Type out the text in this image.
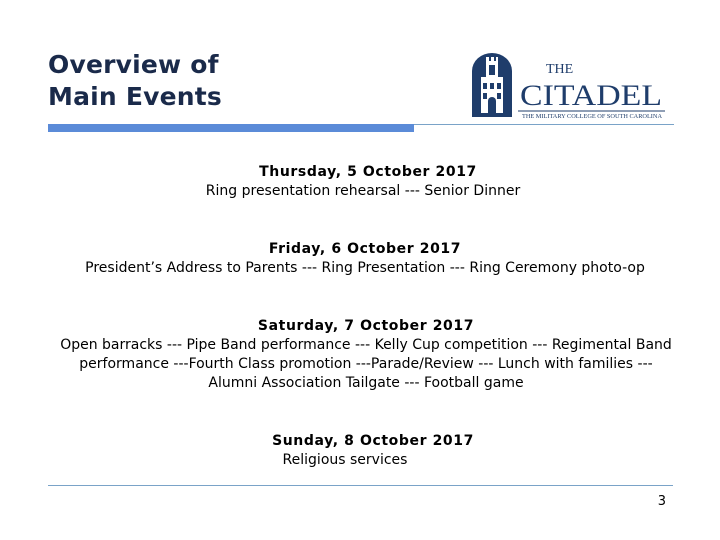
Overview of
Main Events
THE
CITADEL
THE MILITARY COLLEGE OF SOUTH CAROLINA
Thursday, 5 October 2017
Ring presentation rehearsal --- Senior Dinner
Friday, 6 October 2017
President’s Address to Parents --- Ring Presentation --- Ring Ceremony photo-op
Saturday, 7 October 2017
Open barracks --- Pipe Band performance --- Kelly Cup competition --- Regimental Band
performance ---Fourth Class promotion ---Parade/Review --- Lunch with families ---
Alumni Association Tailgate --- Football game
Sunday, 8 October 2017
Religious services
3
